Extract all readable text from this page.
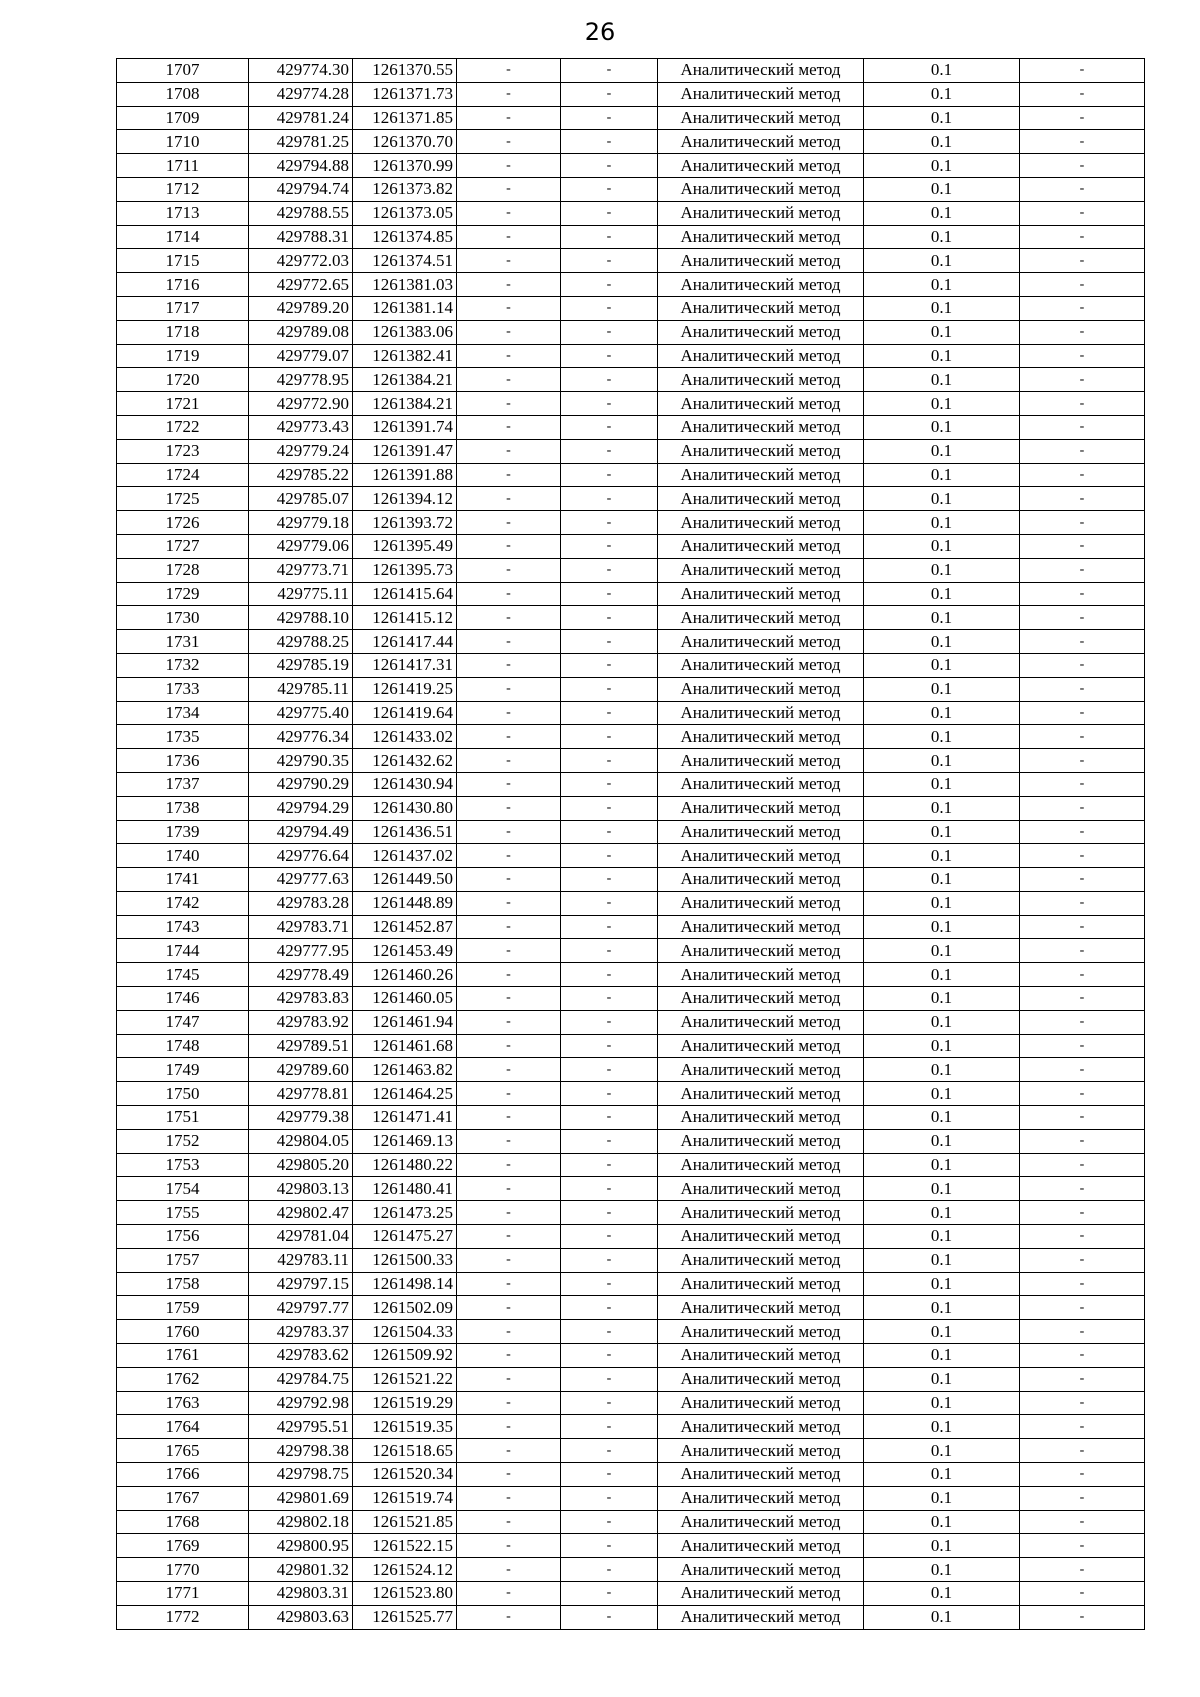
26
1707	429774.30	1261370.55	-	-	Аналитический метод	0.1	-
1708	429774.28	1261371.73	-	-	Аналитический метод	0.1	-
1709	429781.24	1261371.85	-	-	Аналитический метод	0.1	-
1710	429781.25	1261370.70	-	-	Аналитический метод	0.1	-
1711	429794.88	1261370.99	-	-	Аналитический метод	0.1	-
1712	429794.74	1261373.82	-	-	Аналитический метод	0.1	-
1713	429788.55	1261373.05	-	-	Аналитический метод	0.1	-
1714	429788.31	1261374.85	-	-	Аналитический метод	0.1	-
1715	429772.03	1261374.51	-	-	Аналитический метод	0.1	-
1716	429772.65	1261381.03	-	-	Аналитический метод	0.1	-
1717	429789.20	1261381.14	-	-	Аналитический метод	0.1	-
1718	429789.08	1261383.06	-	-	Аналитический метод	0.1	-
1719	429779.07	1261382.41	-	-	Аналитический метод	0.1	-
1720	429778.95	1261384.21	-	-	Аналитический метод	0.1	-
1721	429772.90	1261384.21	-	-	Аналитический метод	0.1	-
1722	429773.43	1261391.74	-	-	Аналитический метод	0.1	-
1723	429779.24	1261391.47	-	-	Аналитический метод	0.1	-
1724	429785.22	1261391.88	-	-	Аналитический метод	0.1	-
1725	429785.07	1261394.12	-	-	Аналитический метод	0.1	-
1726	429779.18	1261393.72	-	-	Аналитический метод	0.1	-
1727	429779.06	1261395.49	-	-	Аналитический метод	0.1	-
1728	429773.71	1261395.73	-	-	Аналитический метод	0.1	-
1729	429775.11	1261415.64	-	-	Аналитический метод	0.1	-
1730	429788.10	1261415.12	-	-	Аналитический метод	0.1	-
1731	429788.25	1261417.44	-	-	Аналитический метод	0.1	-
1732	429785.19	1261417.31	-	-	Аналитический метод	0.1	-
1733	429785.11	1261419.25	-	-	Аналитический метод	0.1	-
1734	429775.40	1261419.64	-	-	Аналитический метод	0.1	-
1735	429776.34	1261433.02	-	-	Аналитический метод	0.1	-
1736	429790.35	1261432.62	-	-	Аналитический метод	0.1	-
1737	429790.29	1261430.94	-	-	Аналитический метод	0.1	-
1738	429794.29	1261430.80	-	-	Аналитический метод	0.1	-
1739	429794.49	1261436.51	-	-	Аналитический метод	0.1	-
1740	429776.64	1261437.02	-	-	Аналитический метод	0.1	-
1741	429777.63	1261449.50	-	-	Аналитический метод	0.1	-
1742	429783.28	1261448.89	-	-	Аналитический метод	0.1	-
1743	429783.71	1261452.87	-	-	Аналитический метод	0.1	-
1744	429777.95	1261453.49	-	-	Аналитический метод	0.1	-
1745	429778.49	1261460.26	-	-	Аналитический метод	0.1	-
1746	429783.83	1261460.05	-	-	Аналитический метод	0.1	-
1747	429783.92	1261461.94	-	-	Аналитический метод	0.1	-
1748	429789.51	1261461.68	-	-	Аналитический метод	0.1	-
1749	429789.60	1261463.82	-	-	Аналитический метод	0.1	-
1750	429778.81	1261464.25	-	-	Аналитический метод	0.1	-
1751	429779.38	1261471.41	-	-	Аналитический метод	0.1	-
1752	429804.05	1261469.13	-	-	Аналитический метод	0.1	-
1753	429805.20	1261480.22	-	-	Аналитический метод	0.1	-
1754	429803.13	1261480.41	-	-	Аналитический метод	0.1	-
1755	429802.47	1261473.25	-	-	Аналитический метод	0.1	-
1756	429781.04	1261475.27	-	-	Аналитический метод	0.1	-
1757	429783.11	1261500.33	-	-	Аналитический метод	0.1	-
1758	429797.15	1261498.14	-	-	Аналитический метод	0.1	-
1759	429797.77	1261502.09	-	-	Аналитический метод	0.1	-
1760	429783.37	1261504.33	-	-	Аналитический метод	0.1	-
1761	429783.62	1261509.92	-	-	Аналитический метод	0.1	-
1762	429784.75	1261521.22	-	-	Аналитический метод	0.1	-
1763	429792.98	1261519.29	-	-	Аналитический метод	0.1	-
1764	429795.51	1261519.35	-	-	Аналитический метод	0.1	-
1765	429798.38	1261518.65	-	-	Аналитический метод	0.1	-
1766	429798.75	1261520.34	-	-	Аналитический метод	0.1	-
1767	429801.69	1261519.74	-	-	Аналитический метод	0.1	-
1768	429802.18	1261521.85	-	-	Аналитический метод	0.1	-
1769	429800.95	1261522.15	-	-	Аналитический метод	0.1	-
1770	429801.32	1261524.12	-	-	Аналитический метод	0.1	-
1771	429803.31	1261523.80	-	-	Аналитический метод	0.1	-
1772	429803.63	1261525.77	-	-	Аналитический метод	0.1	-
